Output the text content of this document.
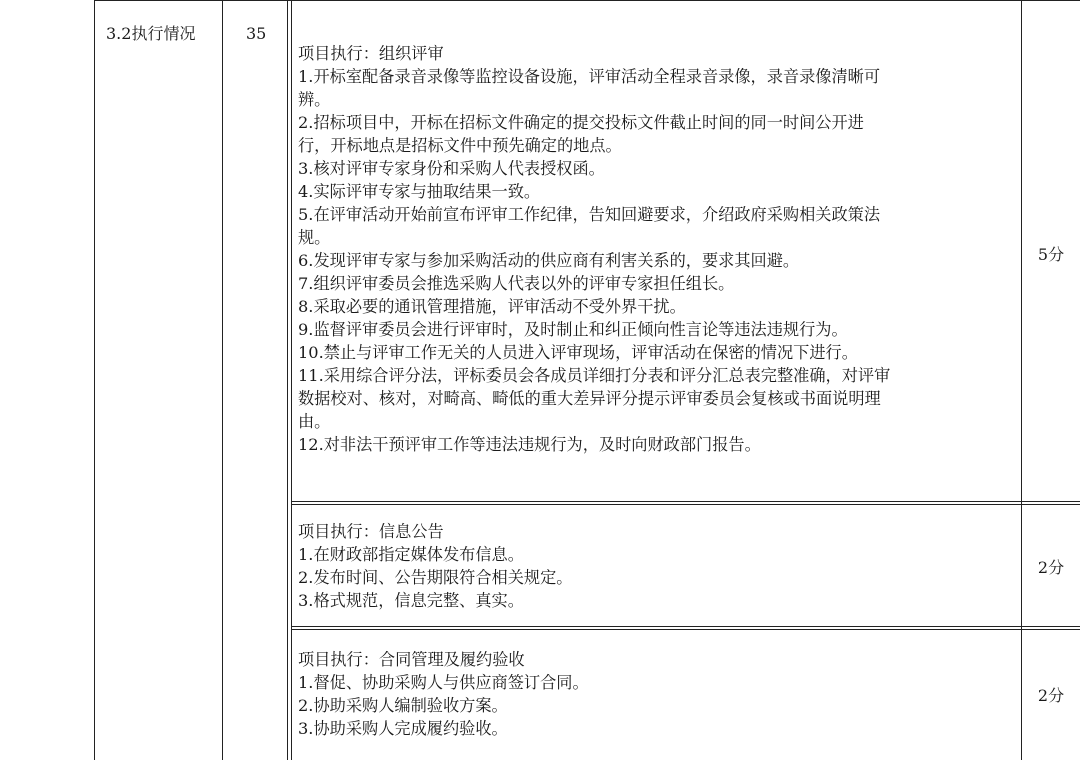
3.2执行情况	35
项目执行：组织评审
1.开标室配备录音录像等监控设备设施，评审活动全程录音录像，录音录像清晰可
辨。
2.招标项目中，开标在招标文件确定的提交投标文件截止时间的同一时间公开进
行，开标地点是招标文件中预先确定的地点。
3.核对评审专家身份和采购人代表授权函。
4.实际评审专家与抽取结果一致。
5.在评审活动开始前宣布评审工作纪律，告知回避要求，介绍政府采购相关政策法
规。
6.发现评审专家与参加采购活动的供应商有利害关系的，要求其回避。
7.组织评审委员会推选采购人代表以外的评审专家担任组长。
8.采取必要的通讯管理措施，评审活动不受外界干扰。
9.监督评审委员会进行评审时，及时制止和纠正倾向性言论等违法违规行为。
10.禁止与评审工作无关的人员进入评审现场，评审活动在保密的情况下进行。
11.采用综合评分法，评标委员会各成员详细打分表和评分汇总表完整准确，对评审
数据校对、核对，对畸高、畸低的重大差异评分提示评审委员会复核或书面说明理
由。
12.对非法干预评审工作等违法违规行为，及时向财政部门报告。
5分
项目执行：信息公告
1.在财政部指定媒体发布信息。
2.发布时间、公告期限符合相关规定。
3.格式规范，信息完整、真实。
2分
项目执行：合同管理及履约验收
1.督促、协助采购人与供应商签订合同。
2.协助采购人编制验收方案。
3.协助采购人完成履约验收。
2分
